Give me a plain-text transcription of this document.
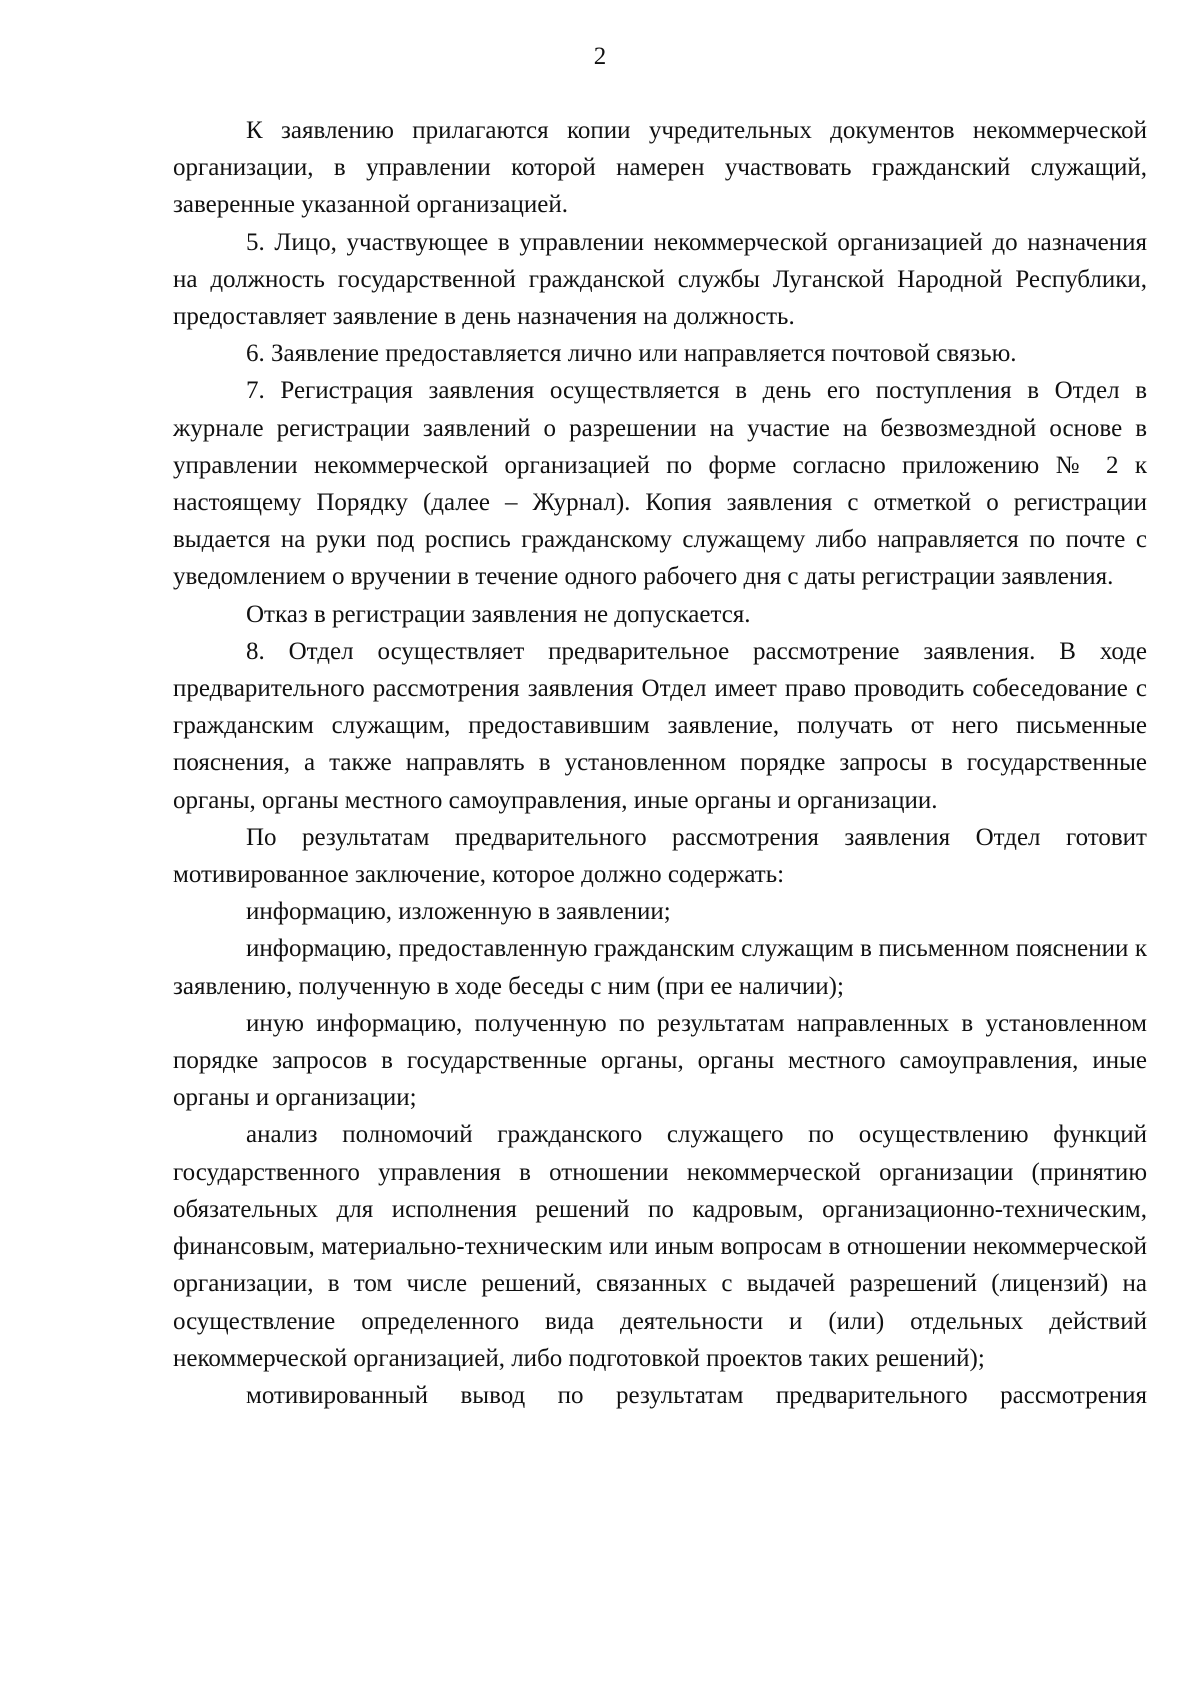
2

К заявлению прилагаются копии учредительных документов некоммерческой организации, в управлении которой намерен участвовать гражданский служащий, заверенные указанной организацией.

5. Лицо, участвующее в управлении некоммерческой организацией до назначения на должность государственной гражданской службы Луганской Народной Республики, предоставляет заявление в день назначения на должность.

6. Заявление предоставляется лично или направляется почтовой связью.

7. Регистрация заявления осуществляется в день его поступления в Отдел в журнале регистрации заявлений о разрешении на участие на безвозмездной основе в управлении некоммерческой организацией по форме согласно приложению № 2 к настоящему Порядку (далее – Журнал). Копия заявления с отметкой о регистрации выдается на руки под роспись гражданскому служащему либо направляется по почте с уведомлением о вручении в течение одного рабочего дня с даты регистрации заявления.

Отказ в регистрации заявления не допускается.

8. Отдел осуществляет предварительное рассмотрение заявления. В ходе предварительного рассмотрения заявления Отдел имеет право проводить собеседование с гражданским служащим, предоставившим заявление, получать от него письменные пояснения, а также направлять в установленном порядке запросы в государственные органы, органы местного самоуправления, иные органы и организации.

По результатам предварительного рассмотрения заявления Отдел готовит мотивированное заключение, которое должно содержать:

информацию, изложенную в заявлении;

информацию, предоставленную гражданским служащим в письменном пояснении к заявлению, полученную в ходе беседы с ним (при ее наличии);

иную информацию, полученную по результатам направленных в установленном порядке запросов в государственные органы, органы местного самоуправления, иные органы и организации;

анализ полномочий гражданского служащего по осуществлению функций государственного управления в отношении некоммерческой организации (принятию обязательных для исполнения решений по кадровым, организационно-техническим, финансовым, материально-техническим или иным вопросам в отношении некоммерческой организации, в том числе решений, связанных с выдачей разрешений (лицензий) на осуществление определенного вида деятельности и (или) отдельных действий некоммерческой организацией, либо подготовкой проектов таких решений);

мотивированный вывод по результатам предварительного рассмотрения
